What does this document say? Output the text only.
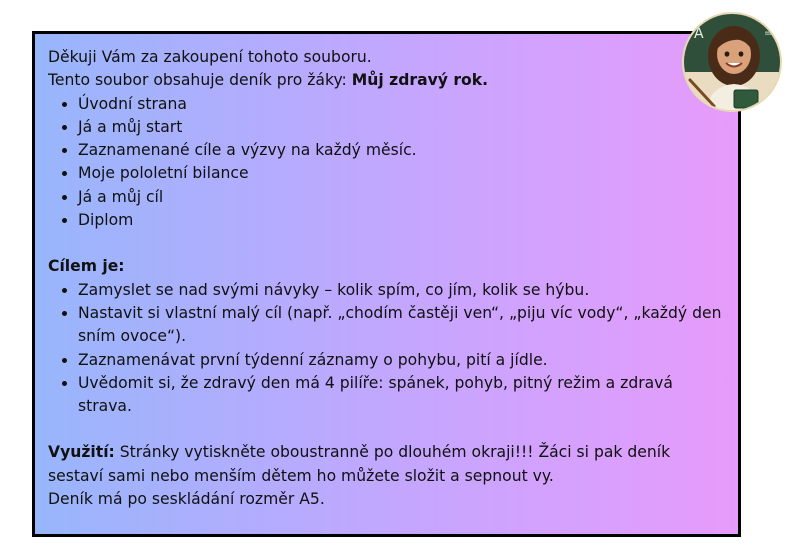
Děkuji Vám za zakoupení tohoto souboru.

Tento soubor obsahuje deník pro žáky: Můj zdravý rok.

• Úvodní strana
• Já a můj start
• Zaznamenané cíle a výzvy na každý měsíc.
• Moje pololetní bilance
• Já a můj cíl
• Diplom

Cílem je:

• Zamyslet se nad svými návyky – kolik spím, co jím, kolik se hýbu.
• Nastavit si vlastní malý cíl (např. „chodím častěji ven“, „piju víc vody“, „každý den sním ovoce“).
• Zaznamenávat první týdenní záznamy o pohybu, pití a jídle.
• Uvědomit si, že zdravý den má 4 pilíře: spánek, pohyb, pitný režim a zdravá strava.

Využití: Stránky vytiskněte oboustranně po dlouhém okraji!!! Žáci si pak deník sestaví sami nebo menším dětem ho můžete složit a sepnout vy.

Deník má po seskládání rozměr A5.

A	=
